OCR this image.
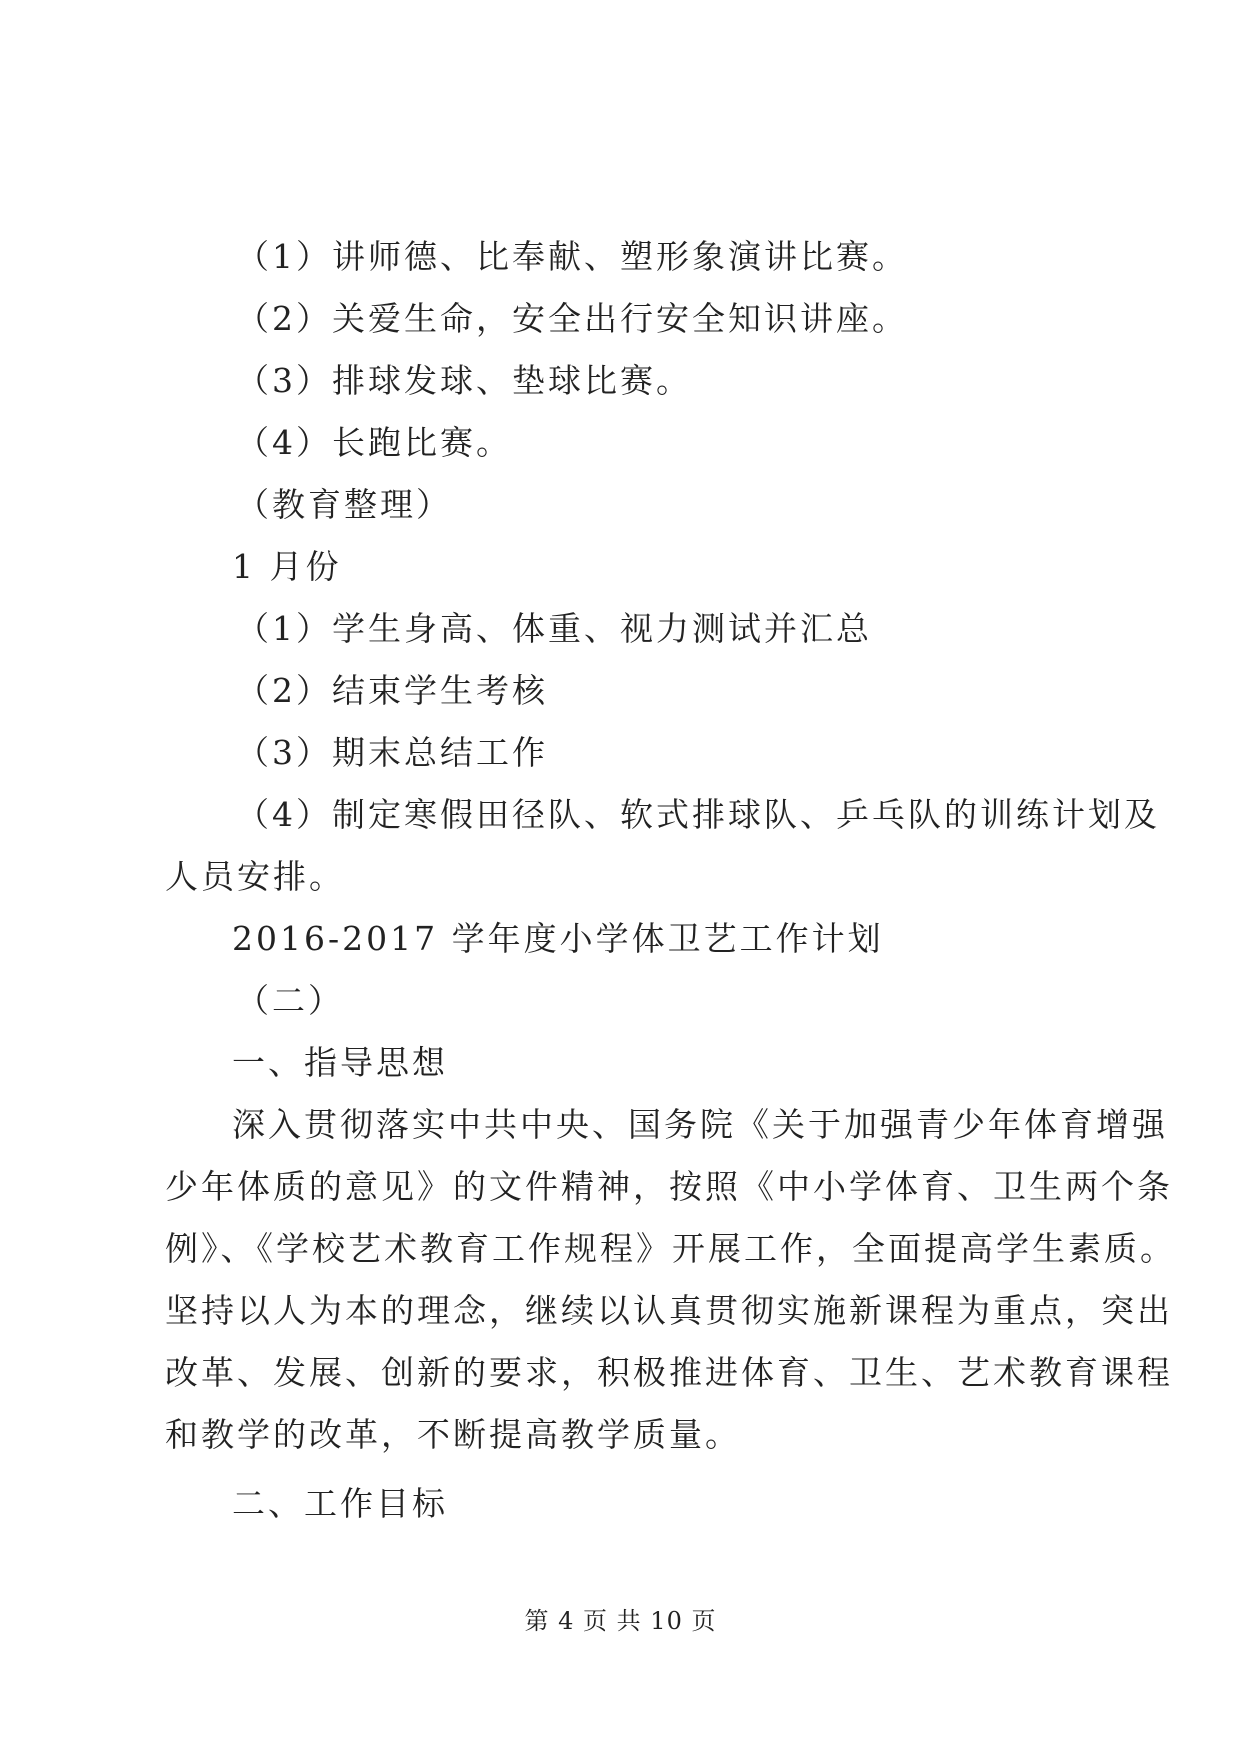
（1）讲师德、比奉献、塑形象演讲比赛。
（2）关爱生命，安全出行安全知识讲座。
（3）排球发球、垫球比赛。
（4）长跑比赛。
（教育整理）
1 月份
（1）学生身高、体重、视力测试并汇总
（2）结束学生考核
（3）期末总结工作
（4）制定寒假田径队、软式排球队、乒乓队的训练计划及
人员安排。
2016-2017 学年度小学体卫艺工作计划
（二）
一、指导思想
深入贯彻落实中共中央、国务院《关于加强青少年体育增强
少年体质的意见》的文件精神，按照《中小学体育、卫生两个条
例》、《学校艺术教育工作规程》开展工作，全面提高学生素质。
坚持以人为本的理念，继续以认真贯彻实施新课程为重点，突出
改革、发展、创新的要求，积极推进体育、卫生、艺术教育课程
和教学的改革，不断提高教学质量。
二、工作目标
第 4 页 共 10 页
